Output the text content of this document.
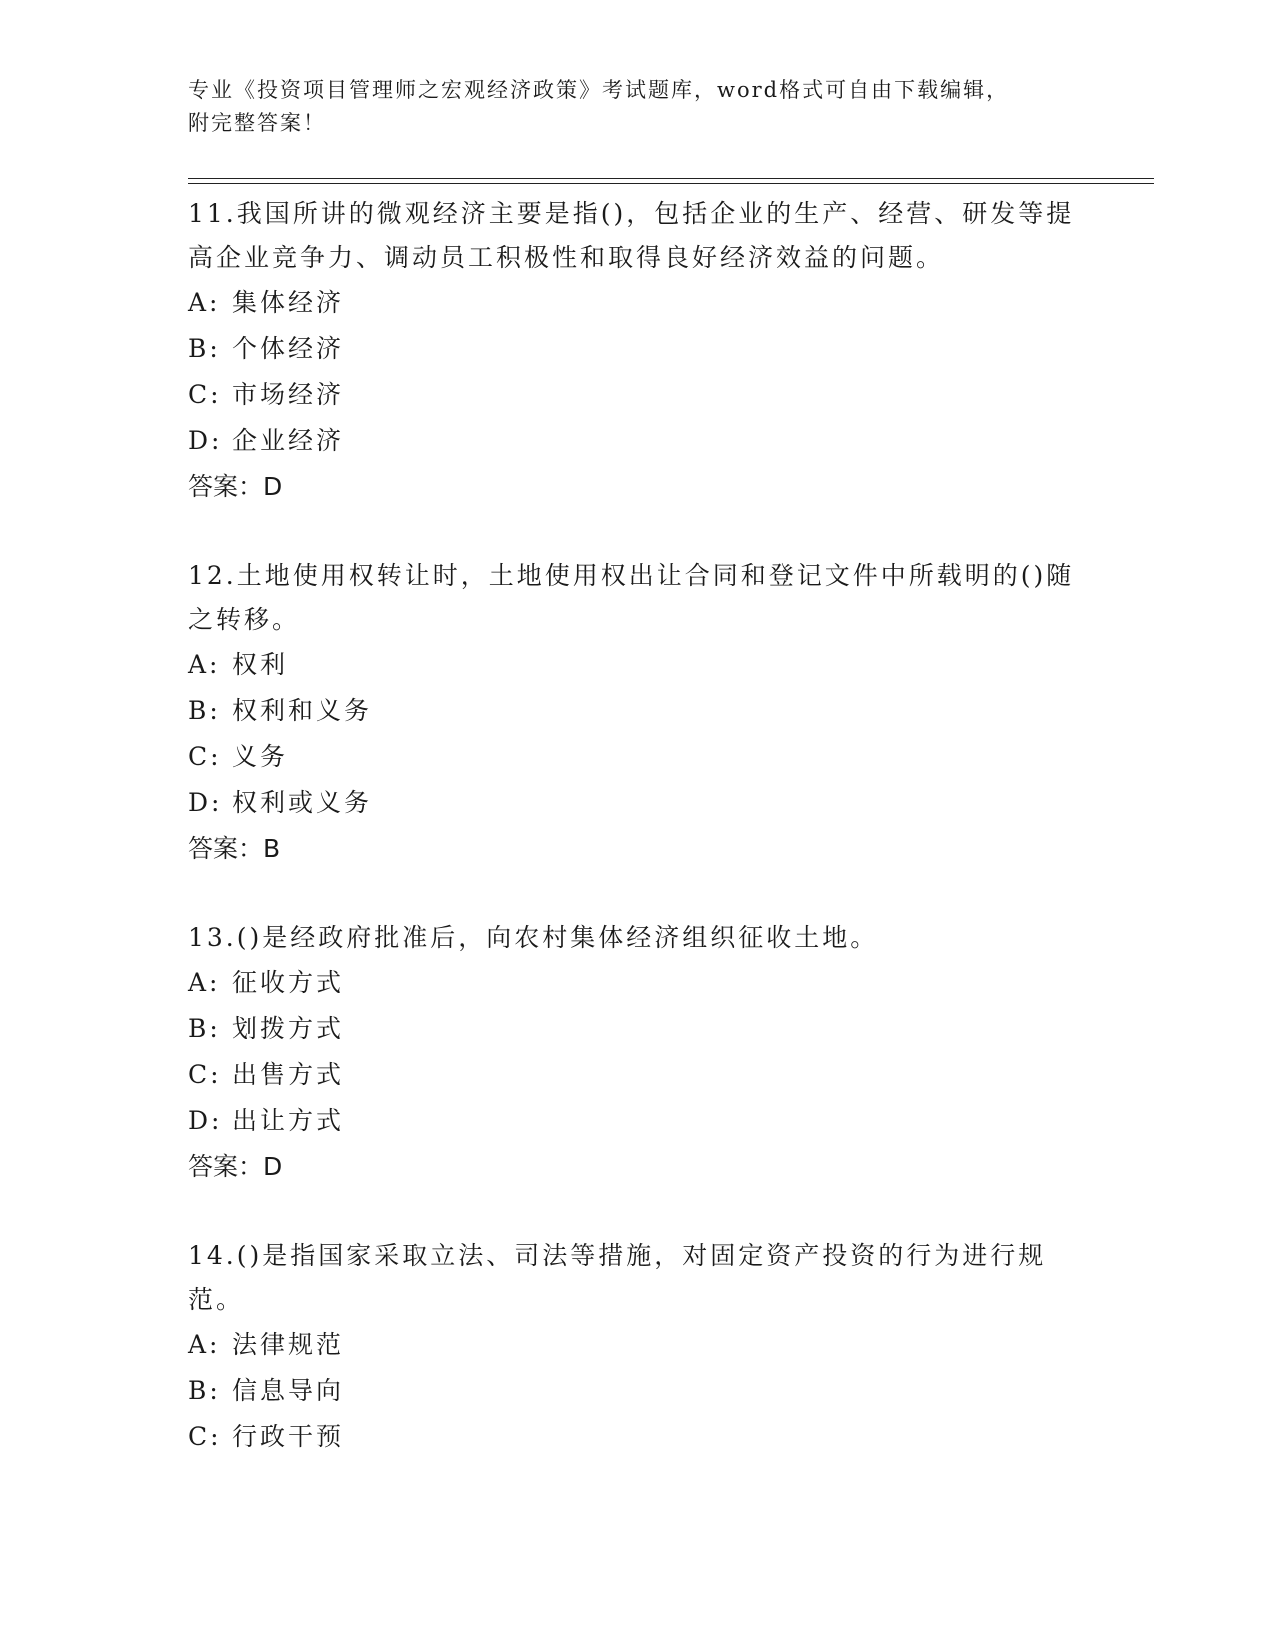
专业《投资项目管理师之宏观经济政策》考试题库，word格式可自由下载编辑，
附完整答案！

11.我国所讲的微观经济主要是指()，包括企业的生产、经营、研发等提高企业竞争力、调动员工积极性和取得良好经济效益的问题。

A: 集体经济
B: 个体经济
C: 市场经济
D: 企业经济
答案：D

12.土地使用权转让时，土地使用权出让合同和登记文件中所载明的()随之转移。

A: 权利
B: 权利和义务
C: 义务
D: 权利或义务
答案：B

13.()是经政府批准后，向农村集体经济组织征收土地。

A: 征收方式
B: 划拨方式
C: 出售方式
D: 出让方式
答案：D

14.()是指国家采取立法、司法等措施，对固定资产投资的行为进行规范。

A: 法律规范
B: 信息导向
C: 行政干预
